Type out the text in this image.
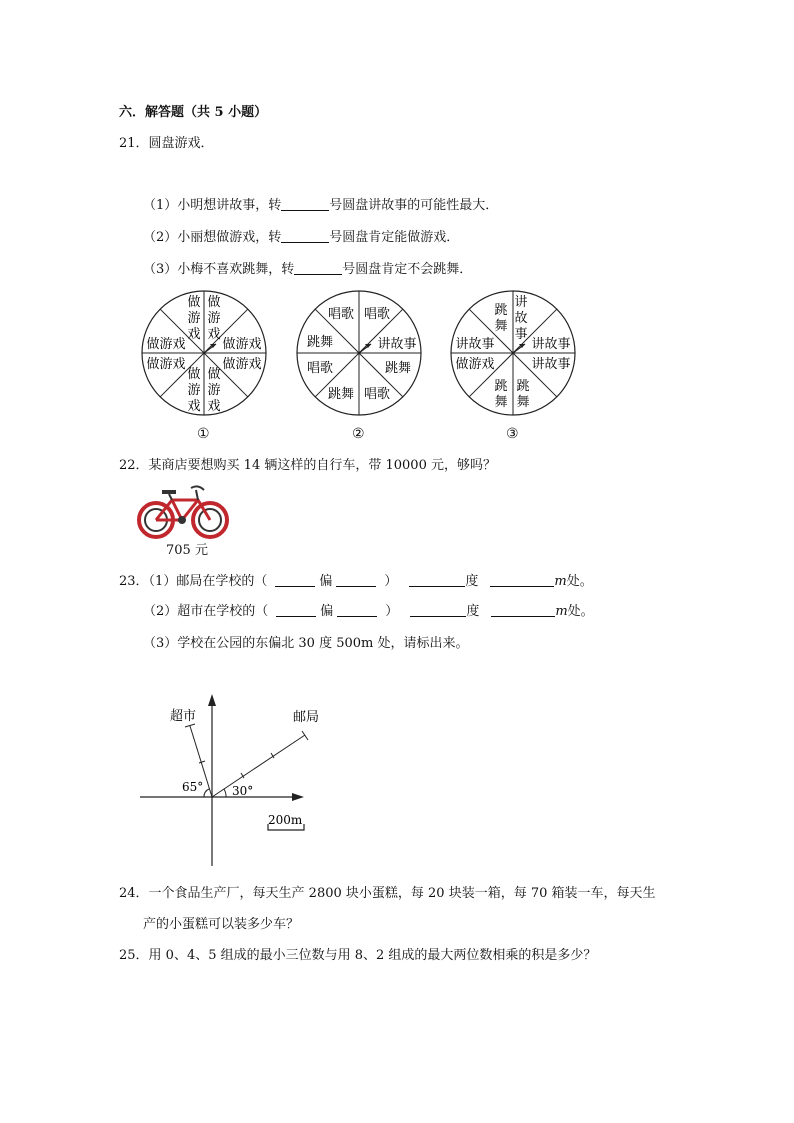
六．解答题（共 5 小题）
21．圆盘游戏．
（1）小明想讲故事，转	号圆盘讲故事的可能性最大．
（2）小丽想做游戏，转	号圆盘肯定能做游戏．
（3）小梅不喜欢跳舞，转	号圆盘肯定不会跳舞．
做
游
戏
做
游
戏
做游戏
做游戏
做游戏
做游戏
做
游
戏
做
游
戏
唱歌 唱歌
讲故事
跳舞
唱歌
跳舞
唱歌
跳舞
跳
舞
讲
故
事
讲故事
讲故事
讲故事
做游戏
跳
舞
跳
舞
①	②	③
22．某商店要想购买 14 辆这样的自行车，带 10000 元，够吗？
705 元
23．（1）邮局在学校的（	偏	）	度	m处。
（2）超市在学校的（	偏	）	度	m处。
（3）学校在公园的东偏北 30 度 500m 处，请标出来。
超市	邮局
65° 30°
200m
24．一个食品生产厂，每天生产 2800 块小蛋糕，每 20 块装一箱，每 70 箱装一车，每天生
产的小蛋糕可以装多少车？
25．用 0、4、5 组成的最小三位数与用 8、2 组成的最大两位数相乘的积是多少？
